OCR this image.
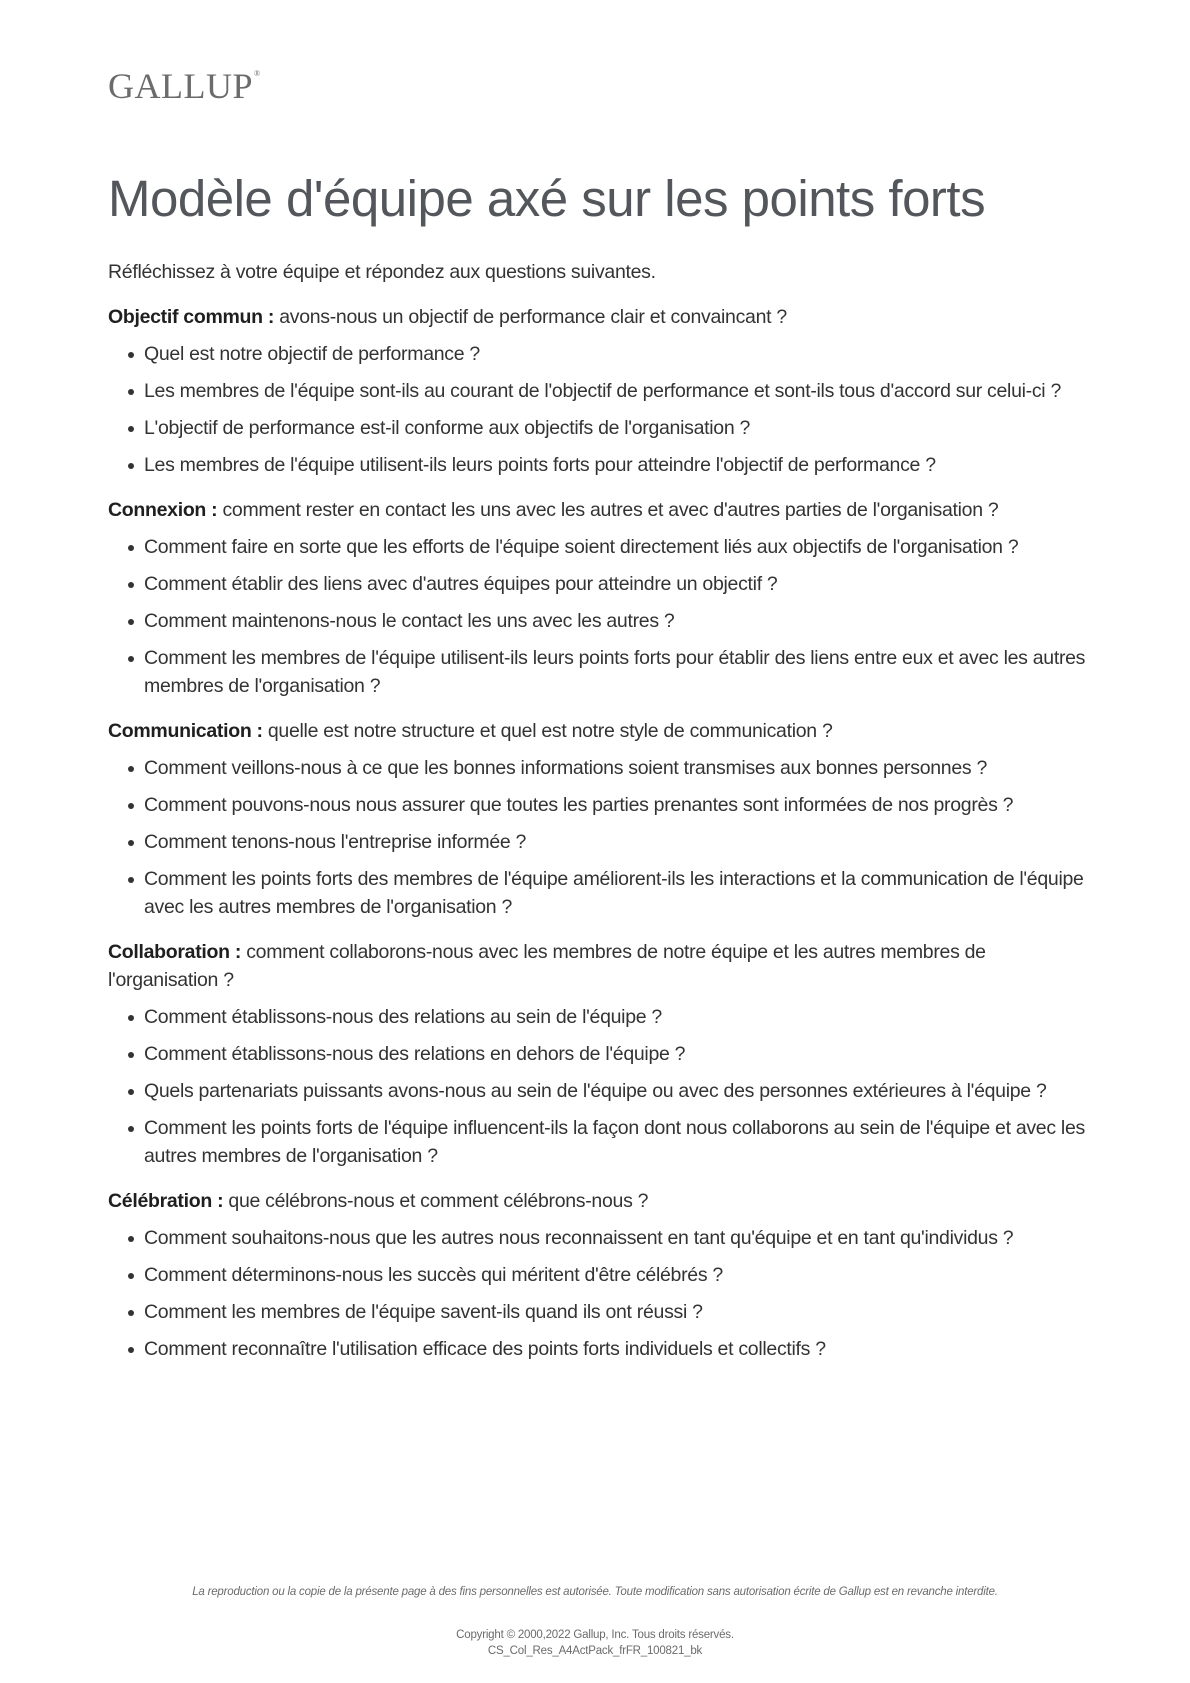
GALLUP®
Modèle d'équipe axé sur les points forts

Réfléchissez à votre équipe et répondez aux questions suivantes.

Objectif commun : avons-nous un objectif de performance clair et convaincant ?

Quel est notre objectif de performance ?
Les membres de l'équipe sont-ils au courant de l'objectif de performance et sont-ils tous d'accord sur celui-ci ?
L'objectif de performance est-il conforme aux objectifs de l'organisation ?
Les membres de l'équipe utilisent-ils leurs points forts pour atteindre l'objectif de performance ?

Connexion : comment rester en contact les uns avec les autres et avec d'autres parties de l'organisation ?

Comment faire en sorte que les efforts de l'équipe soient directement liés aux objectifs de l'organisation ?
Comment établir des liens avec d'autres équipes pour atteindre un objectif ?
Comment maintenons-nous le contact les uns avec les autres ?
Comment les membres de l'équipe utilisent-ils leurs points forts pour établir des liens entre eux et avec les autres membres de l'organisation ?

Communication : quelle est notre structure et quel est notre style de communication ?

Comment veillons-nous à ce que les bonnes informations soient transmises aux bonnes personnes ?
Comment pouvons-nous nous assurer que toutes les parties prenantes sont informées de nos progrès ?
Comment tenons-nous l'entreprise informée ?
Comment les points forts des membres de l'équipe améliorent-ils les interactions et la communication de l'équipe avec les autres membres de l'organisation ?

Collaboration : comment collaborons-nous avec les membres de notre équipe et les autres membres de l'organisation ?

Comment établissons-nous des relations au sein de l'équipe ?
Comment établissons-nous des relations en dehors de l'équipe ?
Quels partenariats puissants avons-nous au sein de l'équipe ou avec des personnes extérieures à l'équipe ?
Comment les points forts de l'équipe influencent-ils la façon dont nous collaborons au sein de l'équipe et avec les autres membres de l'organisation ?

Célébration : que célébrons-nous et comment célébrons-nous ?

Comment souhaitons-nous que les autres nous reconnaissent en tant qu'équipe et en tant qu'individus ?
Comment déterminons-nous les succès qui méritent d'être célébrés ?
Comment les membres de l'équipe savent-ils quand ils ont réussi ?
Comment reconnaître l'utilisation efficace des points forts individuels et collectifs ?
La reproduction ou la copie de la présente page à des fins personnelles est autorisée. Toute modification sans autorisation écrite de Gallup est en revanche interdite.
Copyright © 2000,2022 Gallup, Inc. Tous droits réservés.
CS_Col_Res_A4ActPack_frFR_100821_bk
